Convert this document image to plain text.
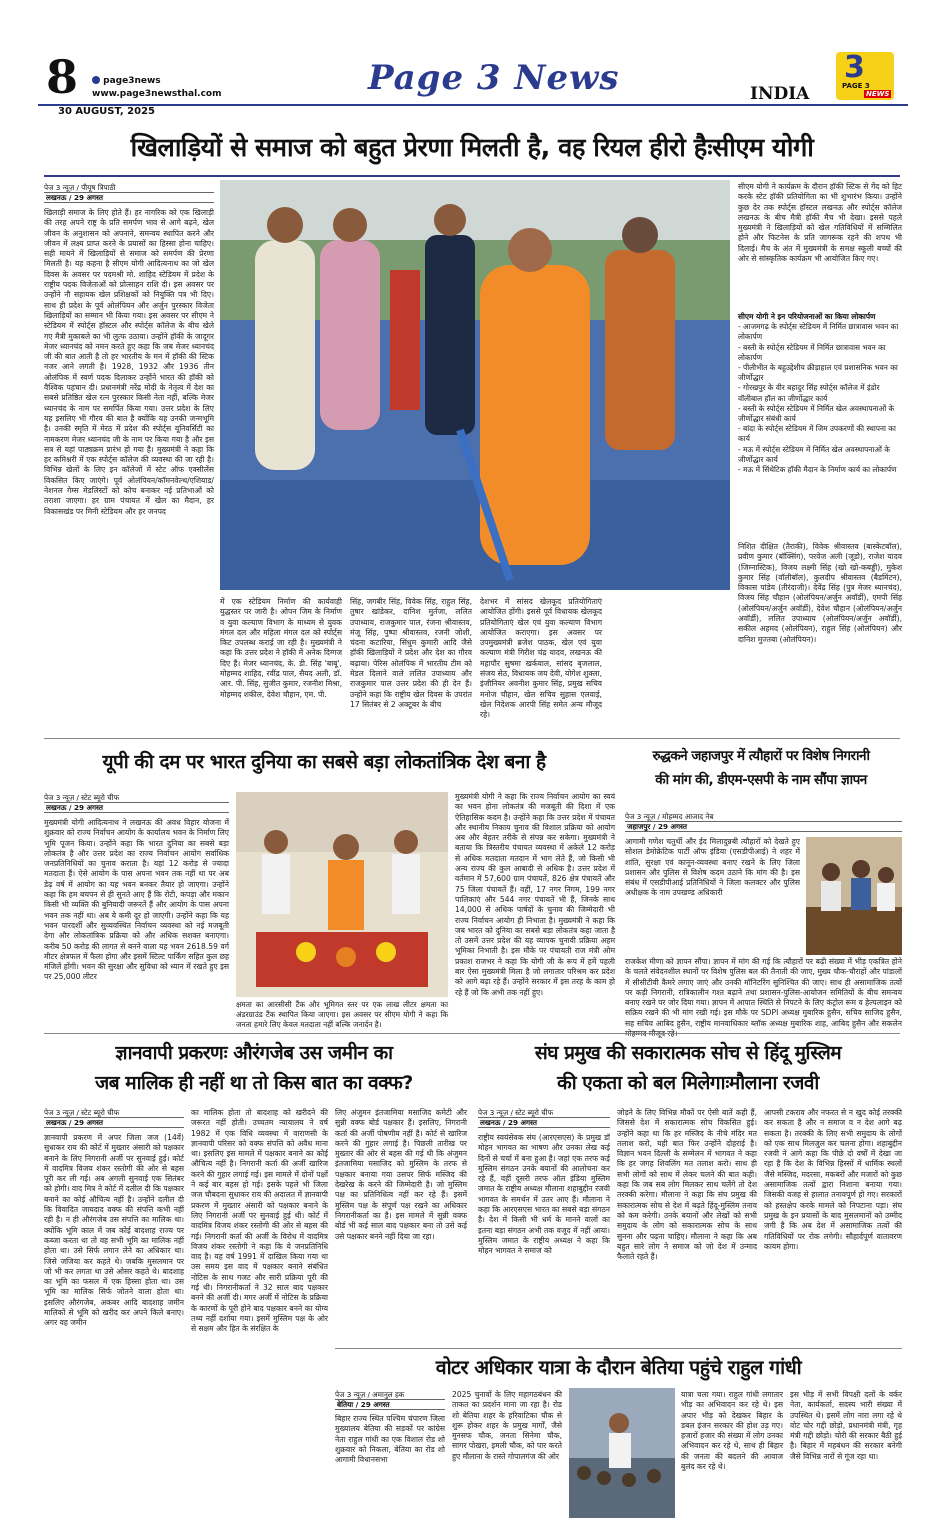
8	page3news
www.page3newsthal.com
30 AUGUST, 2025
Page 3 News	INDIA
3
PAGE 3
NEWS
खिलाड़ियों से समाज को बहुत प्रेरणा मिलती है, वह रियल हीरो हैःसीएम योगी
पेज 3 न्यूज़ / पीयूष त्रिपाठी
लखनऊ / 29 अगस्त
खिलाड़ी समाज के लिए होते हैं। हर नागरिक को एक खिलाड़ी की तरह अपने राष्ट्र के प्रति समर्पण भाव से आगे बढ़ने, खेल जीवन के अनुशासन को अपनाने, समन्वय स्थापित करने और जीवन में लक्ष्य प्राप्त करने के प्रयासों का हिस्सा होना चाहिए। सही मायने में खिलाड़ियों से समाज को समर्पण की प्रेरणा मिलती है। यह कहना है सीएम योगी आदित्यनाथ का जो खेल दिवस के अवसर पर पदमश्री मो. शाहिद स्टेडियम में प्रदेश के राष्ट्रीय पदक विजेताओं को प्रोत्साहन राशि दी। इस अवसर पर उन्होंने नौ सहायक खेल प्रशिक्षकों को नियुक्ति पत्र भी दिए। साथ ही प्रदेश के पूर्व ओलंपियन और अर्जुन पुरस्कार विजेता खिलाड़ियों का सम्मान भी किया गया। इस अवसर पर सीएम ने स्टेडियम में स्पोर्ट्स हॉस्टल और स्पोर्ट्स कॉलेज के बीच खेले गए मैत्री मुकाबले का भी लुत्फ उठाया। उन्होंने हॉकी के जादूगर मेजर ध्यानचंद को नमन करते हुए कहा कि जब मेजर ध्यानचंद जी की बात आती है तो हर भारतीय के मन में हॉकी की स्टिक नजर आने लगती है। 1928, 1932 और 1936 तीन ओलंपिक में स्वर्ण पदक दिलाकर उन्होंने भारत की हॉकी को वैश्विक पहचान दी। प्रधानमंत्री नरेंद्र मोदी के नेतृत्व में देश का सबसे प्रतिष्ठित खेल रत्न पुरस्कार किसी नेता नहीं, बल्कि मेजर ध्यानचंद के नाम पर समर्पित किया गया। उत्तर प्रदेश के लिए यह इसलिए भी गौरव की बात है क्योंकि यह उनकी जन्मभूमि है। उनकी स्मृति में मेरठ में प्रदेश की स्पोर्ट्स यूनिवर्सिटी का नामकरण मेजर ध्यानचंद जी के नाम पर किया गया है और इस सत्र से यहां पाठ्यक्रम प्रारंभ हो गया है। मुख्यमंत्री ने कहा कि हर कमिश्नरी में एक स्पोर्ट्स कॉलेज की व्यवस्था की जा रही है। विभिन्न खेलों के लिए इन कॉलेजों में स्टेट ऑफ एक्सीलेंस विकसित किए जाएंगे। पूर्व ओलंपियन/कॉमनवेल्थ/एशियाड/नेशनल गेम्स मेडलिस्टों को कोच बनाकर नई प्रतिभाओं को तराशा जाएगा। हर ग्राम पंचायत में खेल का मैदान, हर विकासखंड पर मिनी स्टेडियम और हर जनपद
में एक स्टेडियम निर्माण की कार्यवाही युद्धस्तर पर जारी है। ओपन जिम के निर्माण व युवा कल्याण विभाग के माध्यम से युवक मंगल दल और महिला मंगल दल को स्पोर्ट्स किट उपलब्ध कराई जा रही है। मुख्यमंत्री ने कहा कि उत्तर प्रदेश ने हॉकी में अनेक दिग्गज दिए हैं। मेजर ध्यानचंद, के. डी. सिंह 'बाबू', मोहम्मद शाहिद, रवींद्र पाल, सैयद अली, डॉ. आर. पी. सिंह, सुजीत कुमार, रजनीश मिश्रा, मोहम्मद शकील, देवेश चौहान, एम. पी.
सिंह, जगबीर सिंह, विवेक सिंह, राहुल सिंह, तुषार खांडेकर, दानिश मुर्तजा, ललित उपाध्याय, राजकुमार पाल, रंजना श्रीवास्तव, मंजू सिंह, पुष्पा श्रीवास्तव, रजनी जोशी, चंदना कटारिया, सिंधुम कुमारी आदि जैसे हॉकी खिलाड़ियों ने प्रदेश और देश का गौरव बढ़ाया। पेरिस ओलंपिक में भारतीय टीम को मेडल दिलाने वाले ललित उपाध्याय और राजकुमार पाल उत्तर प्रदेश की ही देन हैं। उन्होंने कहा कि राष्ट्रीय खेल दिवस के उपरांत 17 सितंबर से 2 अक्टूबर के बीच
देशभर में सांसद खेलकूद प्रतियोगिताएं आयोजित होंगी। इससे पूर्व विधायक खेलकूद प्रतियोगिताएं खेल एवं युवा कल्याण विभाग आयोजित कराएगा। इस अवसर पर उपमुख्यमंत्री ब्रजेश पाठक, खेल एवं युवा कल्याण मंत्री गिरीश चंद्र यादव, लखनऊ की महापौर सुषमा खर्कवाल, सांसद बृजलाल, संजय सेठ, विधायक जय देवी, योगेश शुक्ला, इंजीनियर अवनीश कुमार सिंह, प्रमुख सचिव मनोज चौहान, खेल सचिव सुहास एलवाई, खेल निदेशक आरपी सिंह समेत अन्य मौजूद रहे।
सीएम योगी ने कार्यक्रम के दौरान हॉकी स्टिक से गेंद को हिट करके स्टेट हॉकी प्रतियोगिता का भी शुभारंभ किया। उन्होंने कुछ देर तक स्पोर्ट्स हॉस्टल लखनऊ और स्पोर्ट्स कॉलेज लखनऊ के बीच मैत्री हॉकी मैच भी देखा। इससे पहले मुख्यमंत्री ने खिलाड़ियों को खेल गतिविधियों में सम्मिलित होने और फिटनेस के प्रति जागरूक रहने की शपथ भी दिलाई। मैच के अंत में मुख्यमंत्री के समक्ष स्कूली बच्चों की ओर से सांस्कृतिक कार्यक्रम भी आयोजित किए गए।
सीएम योगी ने इन परियोजनाओं का किया लोकार्पण
- आजमगढ़ के स्पोर्ट्स स्टेडियम में निर्मित छात्रावास भवन का लोकार्पण
- बस्ती के स्पोर्ट्स स्टेडियम में निर्मित छात्रावास भवन का लोकार्पण
- पीलीभीत के बहुउद्देशीय क्रीड़ाहाल एवं प्रशासनिक भवन का जीर्णोद्धार
- गोरखपुर के वीर बहादुर सिंह स्पोर्ट्स कॉलेज में इंडोर वॉलीबाल हॉल का जीर्णोद्धार कार्य
- बस्ती के स्पोर्ट्स स्टेडियम में निर्मित खेल अवस्थापनाओं के जीर्णोद्धार संबंधी कार्य
- बांदा के स्पोर्ट्स स्टेडियम में जिम उपकरणों की स्थापना का कार्य
- मऊ में स्पोर्ट्स स्टेडियम में निर्मित खेल अवस्थापनाओं के जीर्णोद्धार कार्य
- मऊ में सिंथेटिक हॉकी मैदान के निर्माण कार्य का लोकार्पण
निशित दीक्षित (तैराकी), विवेक श्रीवास्तव (बास्केटबॉल), प्रवीण कुमार (बॉक्सिंग), परवेज अली (जूडो), राजेश यादव (जिम्नास्टिक), विजय लक्ष्मी सिंह (खो खो-कबड्डी), मुकेश कुमार सिंह (वॉलीबॉल), कुलदीप श्रीवास्तव (बैडमिंटन), विकास पांडेय (तीरंदाजी)। देवेंद्र सिंह (पुत्र मेजर ध्यानचंद), विजय सिंह चौहान (ओलंपियन/अर्जुन अवॉर्डी), एमपी सिंह (ओलंपियन/अर्जुन अवॉर्डी), देवेश चौहान (ओलंपियन/अर्जुन अवॉर्डी), ललित उपाध्याय (ओलंपियन/अर्जुन अवॉर्डी), सकील अहमद (ओलंपियन), राहुल सिंह (ओलंपियन) और दानिश मुज्तबा (ओलंपियन)।
यूपी की दम पर भारत दुनिया का सबसे बड़ा लोकतांत्रिक देश बना है
पेज 3 न्यूज़ / स्टेट ब्यूरो चीफ
लखनऊ / 29 अगस्त
मुख्यमंत्री योगी आदित्यनाथ ने लखनऊ की अवध विहार योजना में शुक्रवार को राज्य निर्वाचन आयोग के कार्यालय भवन के निर्माण लिए भूमि पूजन किया। उन्होंने कहा कि भारत दुनिया का सबसे बड़ा लोकतंत्र है और उत्तर प्रदेश का राज्य निर्वाचन आयोग सर्वाधिक जनप्रतिनिधियों का चुनाव कराता है। यहां 12 करोड़ से ज्यादा मतदाता हैं। ऐसे आयोग के पास अपना भवन तक नहीं था पर अब डेढ़ वर्ष में आयोग का यह भवन बनकर तैयार हो जाएगा। उन्होंने कहा कि हम बचपन से ही सुनते आए हैं कि रोटी, कपड़ा और मकान किसी भी व्यक्ति की बुनियादी जरूरतें हैं और आयोग के पास अपना भवन तक नहीं था। अब ये कमी दूर हो जाएगी। उन्होंने कहा कि यह भवन पारदर्शी और सुव्यवस्थित निर्वाचन व्यवस्था को नई मजबूती देगा और लोकतांत्रिक प्रक्रिया को और अधिक सशक्त बनाएगा। करीब 50 करोड़ की लागत से बनने वाला यह भवन 2618.59 वर्ग मीटर क्षेत्रफल में फैला होगा और इसमें स्टिल्ट पार्किंग सहित कुल छह मंजिलें होंगी। भवन की सुरक्षा और सुविधा को ध्यान में रखते हुए इस पर 25,000 लीटर
क्षमता का आरसीसी टैंक और भूमिगत स्तर पर एक लाख लीटर क्षमता का अंडरग्राउंड टैंक स्थापित किया जाएगा। इस अवसर पर सीएम योगी ने कहा कि जनता हमारे लिए केवल मतदाता नहीं बल्कि जनार्दन है।
मुख्यमंत्री योगी ने कहा कि राज्य निर्वाचन आयोग का स्वयं का भवन होना लोकतंत्र की मजबूती की दिशा में एक ऐतिहासिक कदम है। उन्होंने कहा कि उत्तर प्रदेश में पंचायत और स्थानीय निकाय चुनाव की विशाल प्रक्रिया को आयोग अब और बेहतर तरीके से संपन्न कर सकेगा। मुख्यमंत्री ने बताया कि त्रिस्तरीय पंचायत व्यवस्था में अकेले 12 करोड़ से अधिक मतदाता मतदान में भाग लेते हैं, जो किसी भी अन्य राज्य की कुल आबादी से अधिक है। उत्तर प्रदेश में वर्तमान में 57,600 ग्राम पंचायतें, 826 क्षेत्र पंचायतें और 75 जिला पंचायतें हैं। वहीं, 17 नगर निगम, 199 नगर पालिकाएं और 544 नगर पंचायतें भी हैं, जिनके साथ 14,000 से अधिक पार्षदों के चुनाव की जिम्मेदारी भी राज्य निर्वाचन आयोग ही निभाता है। मुख्यमंत्री ने कहा कि जब भारत को दुनिया का सबसे बड़ा लोकतंत्र कहा जाता है तो उसमें उत्तर प्रदेश की यह व्यापक चुनावी प्रक्रिया अहम भूमिका निभाती है। इस मौके पर पंचायती राज मंत्री ओम प्रकाश राजभर ने कहा कि योगी जी के रूप में हमें पहली बार ऐसा मुख्यमंत्री मिला है जो लगातार परिश्रम कर प्रदेश को आगे बढ़ा रहे हैं। उन्होंने सरकार में इस तरह के काम हो रहे हैं जो कि अभी तक नहीं हुए।
रुद्धकने जहाजपुर में त्यौहारों पर विशेष निगरानी
की मांग की, डीएम-एसपी के नाम सौंपा ज्ञापन
पेज 3 न्यूज़ / मोहम्मद आजाद नेब
जहाजपुर / 29 अगस्त
आगामी गणेश चतुर्थी और ईद मिलादुन्नबी त्यौहारों को देखते हुए सोशल डेमोक्रेटिक पार्टी ऑफ इंडिया (एसडीपीआई) ने शहर में शांति, सुरक्षा एवं कानून-व्यवस्था बनाए रखने के लिए जिला प्रशासन और पुलिस से विशेष कदम उठाने कि मांग की है। इस संबंध में एसडीपीआई प्रतिनिधियों ने जिला कलक्टर और पुलिस अधीक्षक के नाम उपखण्ड अधिकारी
राजकेश मीणा को ज्ञापन सौंपा। ज्ञापन में मांग की गई कि त्यौहारों पर बढ़ी संख्या में भीड़ एकत्रित होने के चलते संवेदनशील स्थानों पर विशेष पुलिस बल की तैनाती की जाए, मुख्य चौक-चौराहों और पांडालों में सीसीटीवी कैमरे लगाए जाएं और उनकी मॉनिटरिंग सुनिश्चित की जाए। साथ ही असामाजिक तत्वों पर कड़ी निगरानी, रात्रिकालीन गश्त बढ़ाने तथा प्रशासन-पुलिस-आयोजन समितियों के बीच समन्वय बनाए रखने पर जोर दिया गया। ज्ञापन में आपात स्थिति से निपटने के लिए कंट्रोल रूम व हेल्पलाइन को सक्रिय रखने की भी मांग रखी गई। इस मौके पर SDPI अध्यक्ष मुबारिक हुसैन, सचिव साजिद हुसैन, सह सचिव आबिद हुसैन, राष्ट्रीय मानवाधिकार ब्लॉक अध्यक्ष मुबारिक शाह, आबिद हुसैन और सकलेन
ज्ञानवापी प्रकरणः औरंगजेब उस जमीन का
जब मालिक ही नहीं था तो किस बात का वक्फ?
पेज 3 न्यूज़ / स्टेट ब्यूरो चीफ
लखनऊ / 29 अगस्त
ज्ञानवापी प्रकरण में अपर जिला जज (14वें) सुधाकर राय की कोर्ट में मुख्तार अंसारी को पक्षकार बनाने के लिए निगरानी अर्जी पर सुनवाई हुई। कोर्ट में वादमित्र विजय शंकर रस्तोगी की ओर से बहस पूरी कर ली गई। अब अगली सुनवाई एक सितंबर को होगी। वाद मित्र ने कोर्ट में दलील दी कि पक्षकार बनाने का कोई औचित्य नहीं है। उन्होंने दलील दी कि विवादित जायदाद वक्फ की संपत्ति कभी नहीं रही है। न ही औरंगजेब उस संपत्ति का मालिक था। क्योंकि भूमि काल में जब कोई बादशाह राज्य पर कब्जा करता था तो वह सभी भूमि का मालिक नहीं होता था। उसे सिर्फ लगान लेने का अधिकार था। जिसे जजिया कर कहते थे। जबकि मुसलमान पर जो भी कर लगता था उसे ओसर कहते थे। बादशाह का भूमि का फसल में एक हिस्सा होता था। उस भूमि का मालिक सिर्फ जोतने वाला होता था। इसलिए औरंगजेब, अकबर आदि बादशाह जमीन मालिकों से भूमि को खरीद कर अपने किले बनाए। अगर वह जमीन
का मालिक होता तो बादशाह को खरीदने की जरूरत नहीं होती। उच्चतम न्यायालय ने वर्ष 1982 में एक विधि व्यवस्था में वाराणसी के ज्ञानवापी परिसर को वक्फ संपत्ति को अवैध माना था। इसलिए इस मामले में पक्षकार बनाने का कोई औचित्य नहीं है। निगरानी कर्ता की अर्जी खारिज करने की गुहार लगाई गई। इस मामले में दोनों पक्षों ने कई बार बहस हो गई। इसके पहले भी जिला जज चौबदना सुधाकर राय की अदालत में ज्ञानवापी प्रकरण में मुख्तार अंसारी को पक्षकार बनाने के लिए निगरानी अर्जी पर सुनवाई हुई थी। कोर्ट में वादमित्र विजय शंकर रस्तोगी की ओर से बहस की गई। निगरानी कर्ता की अर्जी के विरोध में वादमित्र विजय शंकर रस्तोगी ने कहा कि ये जनप्रतिनिधि वाद है। यह वर्ष 1991 में दाखिल किया गया था उस समय इस वाद में पक्षकार बनाने संबंधित नोटिस के साथ गजट और सारी प्रक्रिया पूरी की गई थी। निगरानीकर्ता ने 32 साल बाद पक्षकार बनने की अर्जी दी। मगर अर्जी में नोटिस के प्रक्रिया के कारणों के पूरी होने बाद पक्षकार बनने का योग्य तथ्य नहीं दर्शाया गया। इसमें मुस्लिम पक्ष के ओर से सक्षम और हित के संरक्षित के
लिए अंजुमन इंतजामिया मसाजिद कमेटी और सुन्नी वक्फ बोर्ड पक्षकार हैं। इसलिए, निगरानी कर्ता की अर्जी पोषणीय नहीं है। कोर्ट से खारिज करने की गुहार लगाई है। पिछली तारीख पर मुख्तार की ओर से बहस की गई थी कि अंजुमन इंतजामिया मसाजिद को मुस्लिम के तरफ से पक्षकार बनाया गया उसपर सिर्फ मस्जिद की देखरेख के करने की जिम्मेदारी है। जो मुस्लिम पक्ष का प्रतिनिधित्व नहीं कर रहे हैं। इसमें मुस्लिम पक्ष के संपूर्ण पक्ष रखने का अधिकार निगरानीकर्ता का है। इस मामले में सुन्नी वक्फ बोर्ड भी कई साल बाद पक्षकार बना तो उसे कई उसे पक्षकार बनने नहीं दिया जा रहा।
संघ प्रमुख की सकारात्मक सोच से हिंदू मुस्लिम
की एकता को बल मिलेगाःमौलाना रजवी
पेज 3 न्यूज़ / स्टेट ब्यूरो चीफ
लखनऊ / 29 अगस्त
राष्ट्रीय स्वयंसेवक संघ (आरएसएस) के प्रमुख डॉ मोहन भागवत का भाषण और उनका लेख कई दिनों से चर्चा में बना हुआ है। जहां एक तरफ कई मुस्लिम संगठन उनके बयानों की आलोचना कर रहे हैं, वहीं दूसरी तरफ ऑल इंडिया मुस्लिम जमात के राष्ट्रीय अध्यक्ष मौलाना शहाबुद्दीन रजवी भागवत के समर्थन में उतर आए हैं। मौलाना ने कहा कि आरएसएस भारत का सबसे बड़ा संगठन है। देश में किसी भी धर्म के मानने वालों का इतना बड़ा संगठन अभी तक वजूद में नहीं आया। मुस्लिम जमात के राष्ट्रीय अध्यक्ष ने कहा कि मोहन भागवत ने समाज को
जोड़ने के लिए विभिन्न मौकों पर ऐसी बातें कही हैं, जिससे देश में सकारात्मक सोच विकसित हुई। उन्होंने कहा था कि हर मस्जिद के नीचे मंदिर मत तलाश करो, यही बात फिर उन्होंने दोहराई है। विज्ञान भवन दिल्ली के सम्मेलन में भागवत ने कहा कि हर जगह शिवलिंग मत तलाश करो। साथ ही सभी लोगों को साथ में लेकर चलने की बात कही। कहा कि जब सब लोग मिलकर साथ चलेंगे तो देश तरक्की करेगा। मौलाना ने कहा कि संघ प्रमुख की सकारात्मक सोच से देश में बढ़ते हिंदू-मुस्लिम तनाव को कम करेगी। उनके बयानों और लेखों को सभी समुदाय के लोग को सकारात्मक सोच के साथ सुनना और पढ़ना चाहिए। मौलाना ने कहा कि अब बहुत सारे लोग ने समाज को जो देश में उन्माद फैलाते रहते हैं।
आपसी टकराव और नफरत से न खुद कोई तरक्की कर सकता है और न समाज व न देश आगे बढ़ सकता है। तरक्की के लिए सभी समुदाय के लोगों को एक साथ मिलजुल कर चलना होगा। शहाबुद्दीन रजवी ने आगे कहा कि पीछे दो वर्षों में देखा जा रहा है कि देश के विभिन्न हिस्सों में धार्मिक स्थलों जैसे मस्जिद, मदरसा, मकबरों और मजारों को कुछ असामाजिक तत्वों द्वारा निशाना बनाया गया। जिसकी वजह से हालात तनावपूर्ण हो गए। सरकारों को हस्तक्षेप करके मामले को निपटाना पड़ा। संघ प्रमुख के इन प्रयासों के बाद मुसलमानों को उम्मीद जगी है कि अब देश में असामाजिक तत्वों की गतिविधियों पर रोक लगेगी। सौहार्दपूर्ण वातावरण कायम होगा।
वोटर अधिकार यात्रा के दौरान बेतिया पहुंचे राहुल गांधी
पेज 3 न्यूज़ / अमानुल हक
बेतिया / 29 अगस्त
बिहार राज्य स्थित पश्चिम चंपारण जिला मुख्यालय बेतिया की सड़कों पर कांग्रेस नेता राहुल गांधी का एक विशाल रोड शो शुक्रवार को निकला, बेतिया का रोड शो आगामी विधानसभा
2025 चुनावों के लिए महागठबंधन की ताकत का प्रदर्शन माना जा रहा है। रोड शो बेतिया शहर के हरिवाटिका चौक से शुरू होकर शहर के प्रमुख मार्गों, जैसे मुनसफ चौक, जनता सिनेमा चौक, सागर पोखरा, इमली चौक, को पार करते हुए मौलाना के रास्ते गोपालगंज की ओर
यात्रा चला गया। राहुल गांधी लगातार भीड़ का अभिवादन कर रहे थे। इस अपार भीड़ को देखकर बिहार के डबल इंजन सरकार की होश उड़ गए। हजारों हजार की संख्या में लोग उनका अभिवादन कर रहे थे, साथ ही बिहार की जनता की बदलने की आवाज बुलंद कर रहे थे।
इस भीड़ में सभी विपक्षी दलों के वर्कर नेता, कार्यकर्ता, सदस्य भारी संख्या में उपस्थित थे। इसमें लोग नारा लगा रहे थे वोट चोर गद्दी छोड़ो, प्रधानमंत्री मंत्री, गृह मंत्री गद्दी छोड़ो। चोरी की सरकार बैठी हुई है। बिहार में महबंधन की सरकार बनेगी जैसे विभिन्न नारों से गूंज रहा था।
